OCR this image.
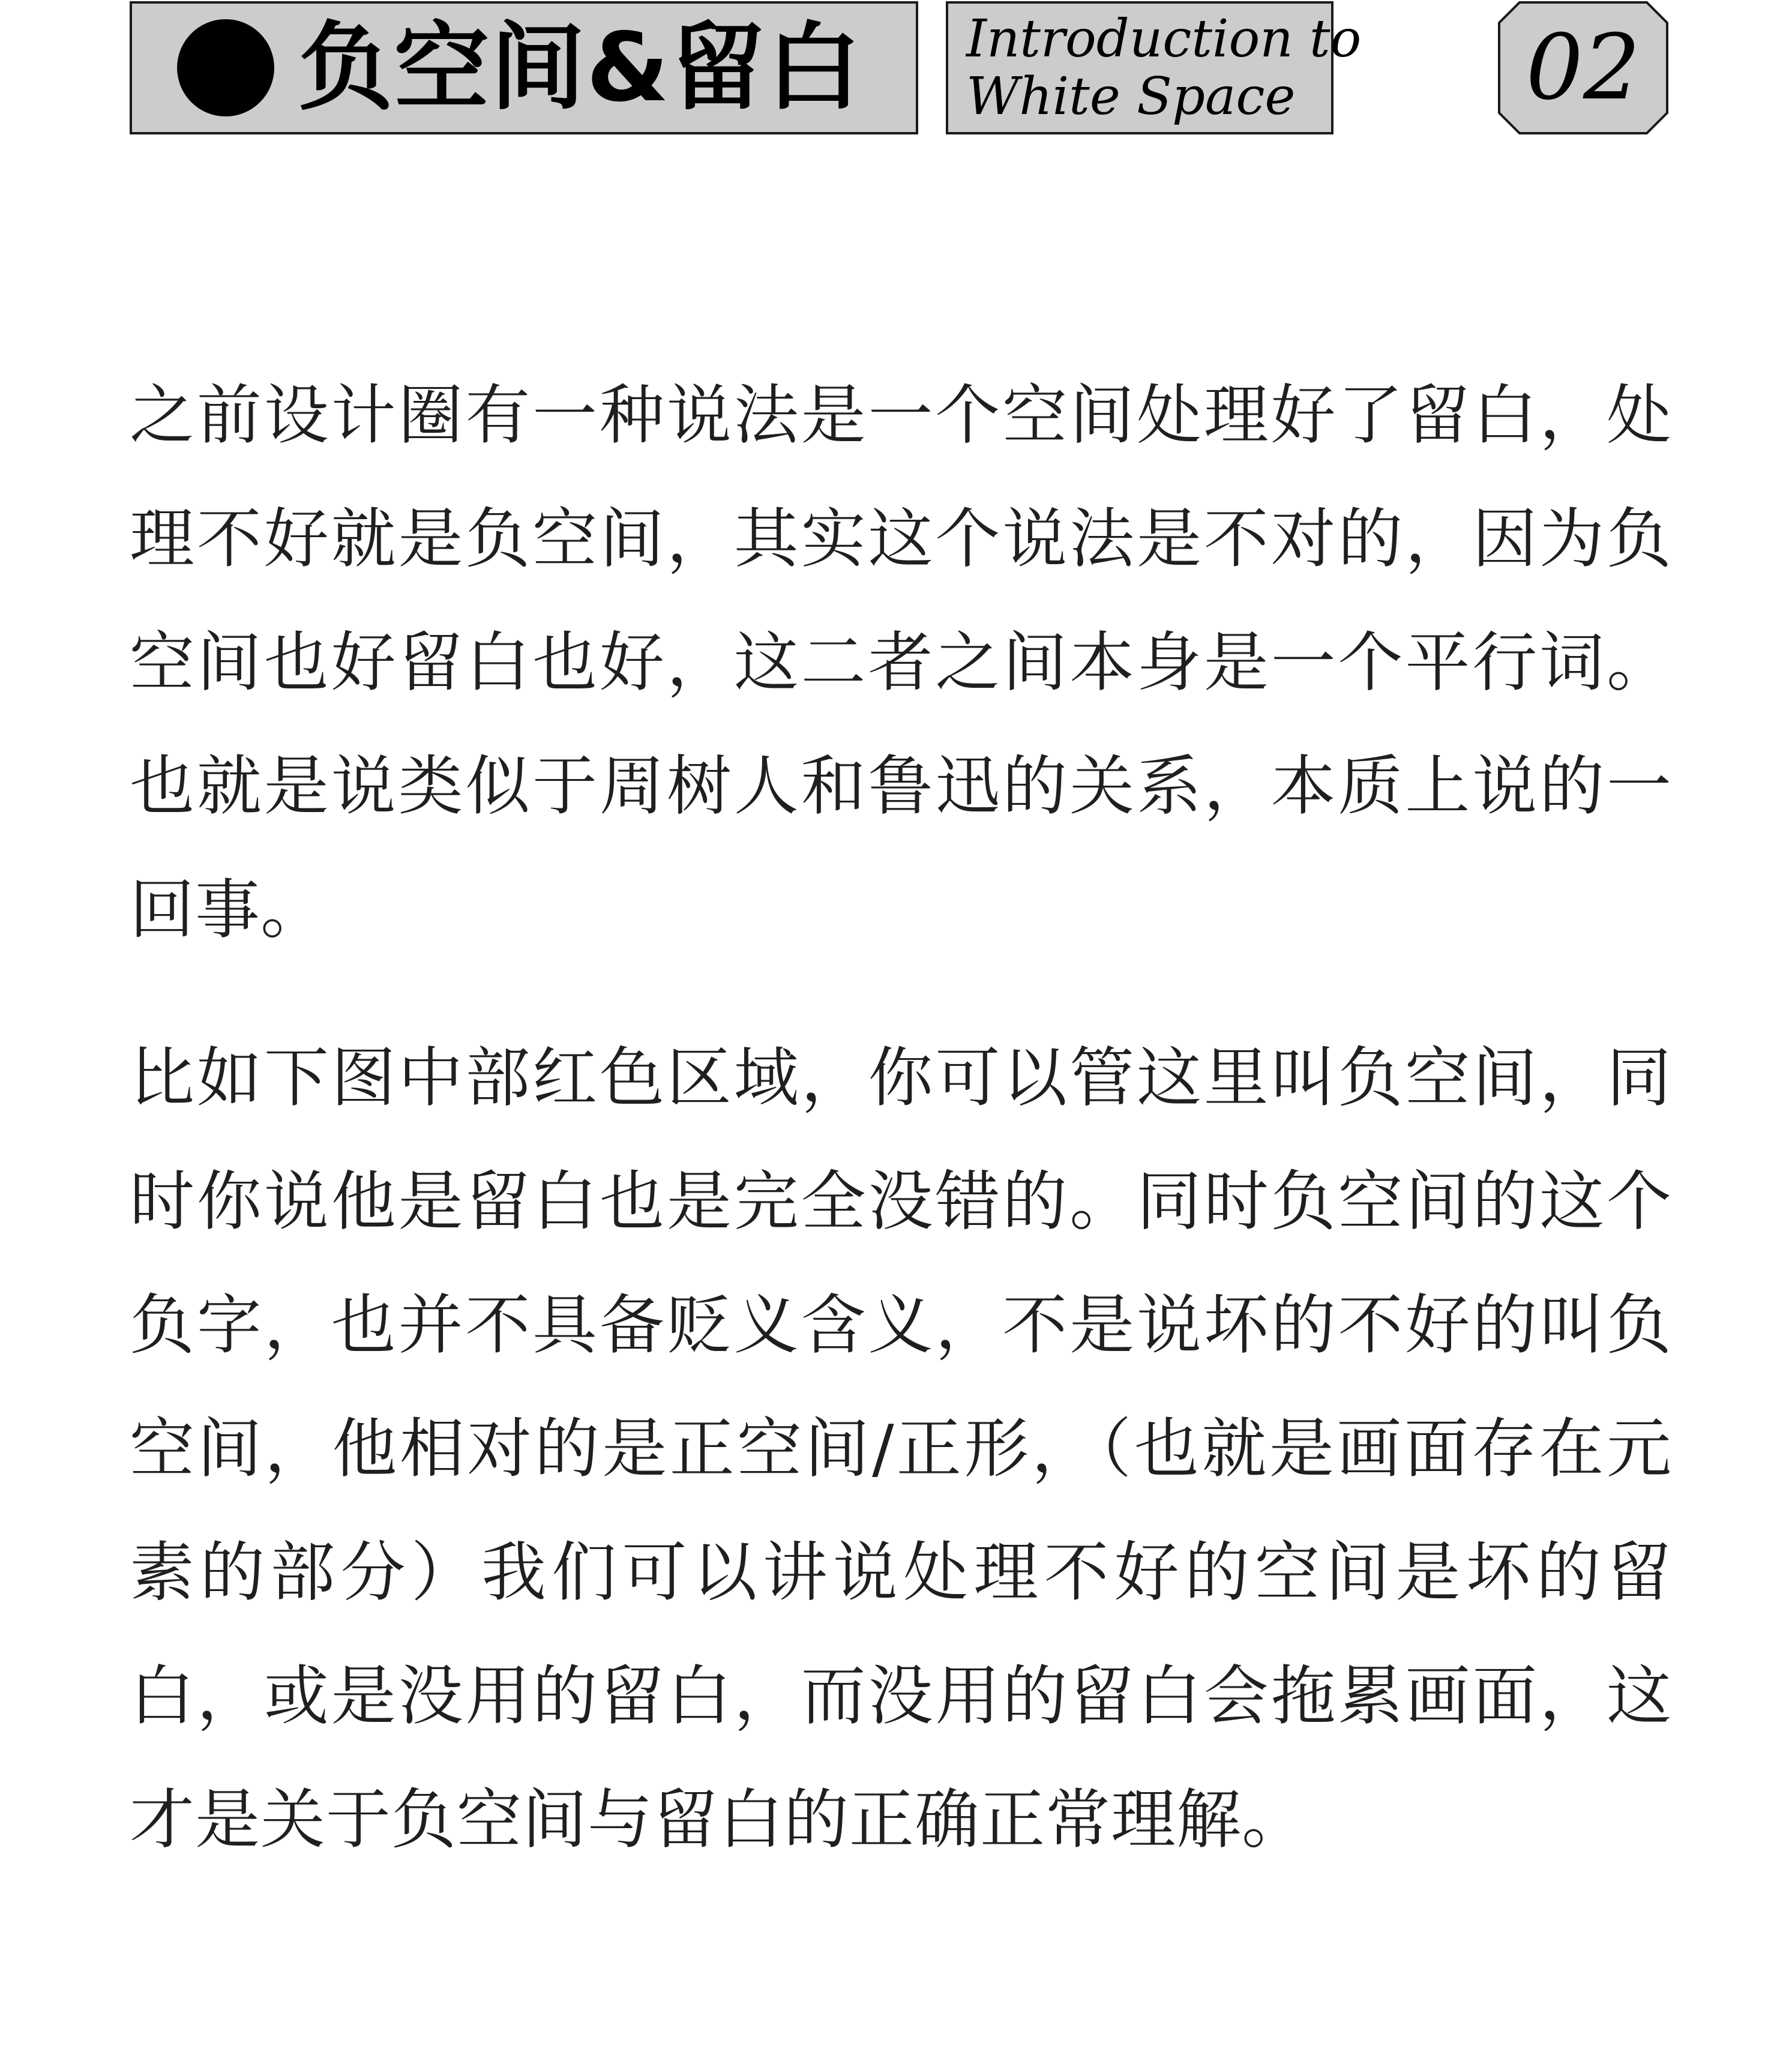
负空间&留白 Introduction to
White Space	02

之前设计圈有一种说法是一个空间处理好了留白，处理不好就是负空间，其实这个说法是不对的，因为负空间也好留白也好，这二者之间本身是一个平行词。也就是说类似于周树人和鲁迅的关系，本质上说的一回事。

比如下图中部红色区域，你可以管这里叫负空间，同时你说他是留白也是完全没错的。同时负空间的这个负字，也并不具备贬义含义，不是说坏的不好的叫负空间，他相对的是正空间/正形，（也就是画面存在元素的部分）我们可以讲说处理不好的空间是坏的留白，或是没用的留白，而没用的留白会拖累画面，这才是关于负空间与留白的正确正常理解。
